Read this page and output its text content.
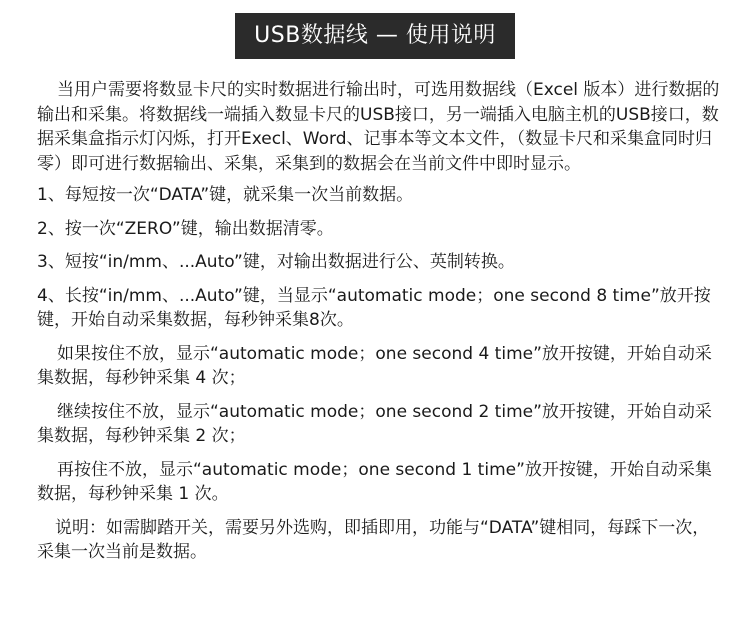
USB数据线 — 使用说明

当用户需要将数显卡尺的实时数据进行输出时，可选用数据线（Excel 版本）进行数据的输出和采集。将数据线一端插入数显卡尺的USB接口，另一端插入电脑主机的USB接口，数据采集盒指示灯闪烁，打开Execl、Word、记事本等文本文件，（数显卡尺和采集盒同时归零）即可进行数据输出、采集，采集到的数据会在当前文件中即时显示。

1、每短按一次“DATA”键，就采集一次当前数据。

2、按一次“ZERO”键，输出数据清零。

3、短按“in/mm、...Auto”键，对输出数据进行公、英制转换。

4、长按“in/mm、...Auto”键，当显示“automatic mode；one second 8 time”放开按键，开始自动采集数据，每秒钟采集8次。

如果按住不放，显示“automatic mode；one second 4 time”放开按键，开始自动采集数据，每秒钟采集 4 次；

继续按住不放，显示“automatic mode；one second 2 time”放开按键，开始自动采集数据，每秒钟采集 2 次；

再按住不放，显示“automatic mode；one second 1 time”放开按键，开始自动采集数据，每秒钟采集 1 次。

说明：如需脚踏开关，需要另外选购，即插即用，功能与“DATA”键相同，每踩下一次，采集一次当前是数据。
